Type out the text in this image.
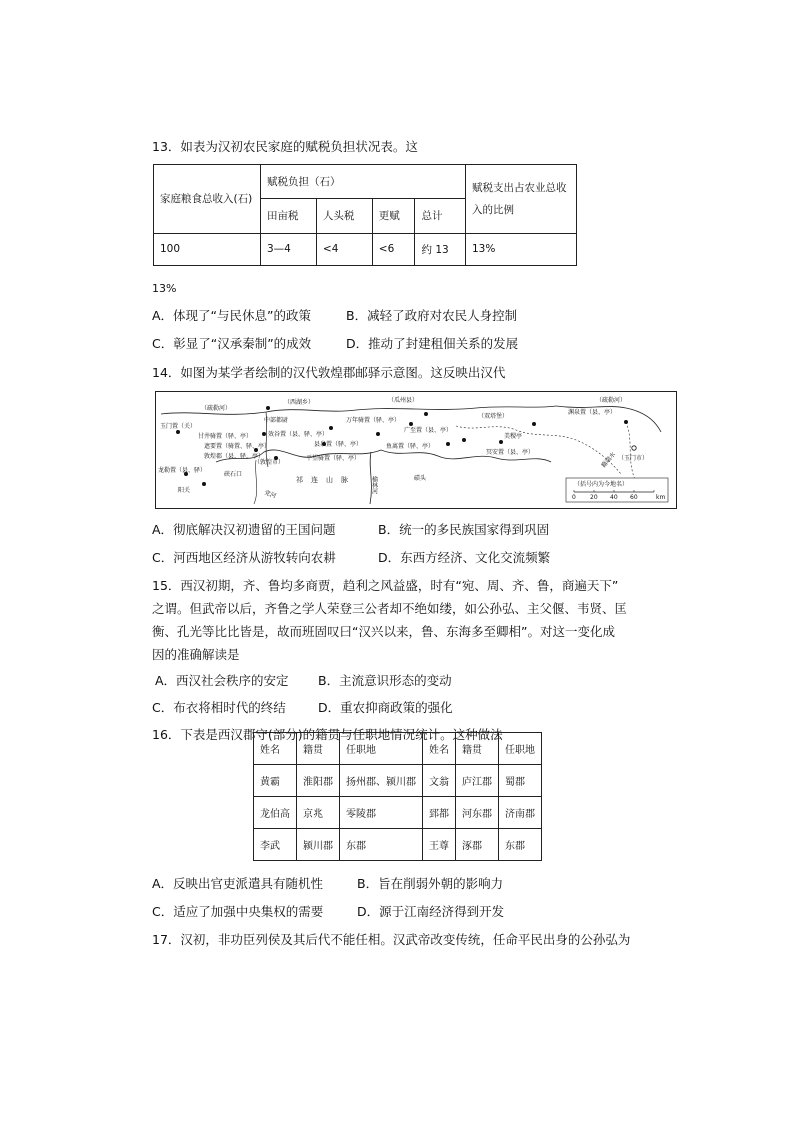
13．如表为汉初农民家庭的赋税负担状况表。这
家庭粮食总收入(石)	赋税负担（石）				赋税支出占农业总收
入的比例
	田亩税	人头税	更赋	总计	
100	3—4	<4	<6	约 13	13%
13%
A．体现了“与民休息”的政策	B．减轻了政府对农民人身控制
C．彰显了“汉承秦制”的成效	D．推动了封建租佃关系的发展
14．如图为某学者绘制的汉代敦煌郡邮驿示意图。这反映出汉代
（疏勒河）
（西湖乡）	（瓜州县）	（疏勒河）
中部都尉	万年骑置（驿、亭）
（双塔堡）
渊泉置（县、亭）
玉门置（关）
甘井骑置（驿、亭）	效谷置（县、驿、亭）
广至置（县、亭）
美稷亭
遮要置（骑置、驿、亭）	县泉置（驿、亭）	鱼离置（驿、亭）
冥安置（县、亭）
（玉门市）
敦煌郡（县、驿、亭）
（敦煌市）
平望骑置（驿、亭）
龙勒置（县、驿）
阳关
祁连山脉
（括号内为今地名）
0 20 40 60	km
党河
榆林河
硖石口
碛头
籍端水
A．彻底解决汉初遗留的王国问题	B．统一的多民族国家得到巩固
C．河西地区经济从游牧转向农耕	D．东西方经济、文化交流频繁
15．西汉初期，齐、鲁均多商贾，趋利之风益盛，时有“宛、周、齐、鲁，商遍天下”
之谓。但武帝以后，齐鲁之学人荣登三公者却不绝如缕，如公孙弘、主父偃、韦贤、匡
衡、孔光等比比皆是，故而班固叹曰“汉兴以来，鲁、东海多至卿相”。对这一变化成
因的准确解读是
A．西汉社会秩序的安定 B．主流意识形态的变动
C．布衣将相时代的终结	D．重农抑商政策的强化
16．下表是西汉郡守(部分)的籍贯与任职地情况统计。这种做法
姓名	籍贯	任职地	姓名	籍贯	任职地
黄霸	淮阳郡	扬州郡、颍川郡	文翁	庐江郡	蜀郡
龙伯高	京兆	零陵郡	郅都	河东郡	济南郡
李武	颍川郡	东郡	王尊	涿郡	东郡
A．反映出官吏派遣具有随机性	B．旨在削弱外朝的影响力
C．适应了加强中央集权的需要	D．源于江南经济得到开发
17．汉初，非功臣列侯及其后代不能任相。汉武帝改变传统，任命平民出身的公孙弘为
